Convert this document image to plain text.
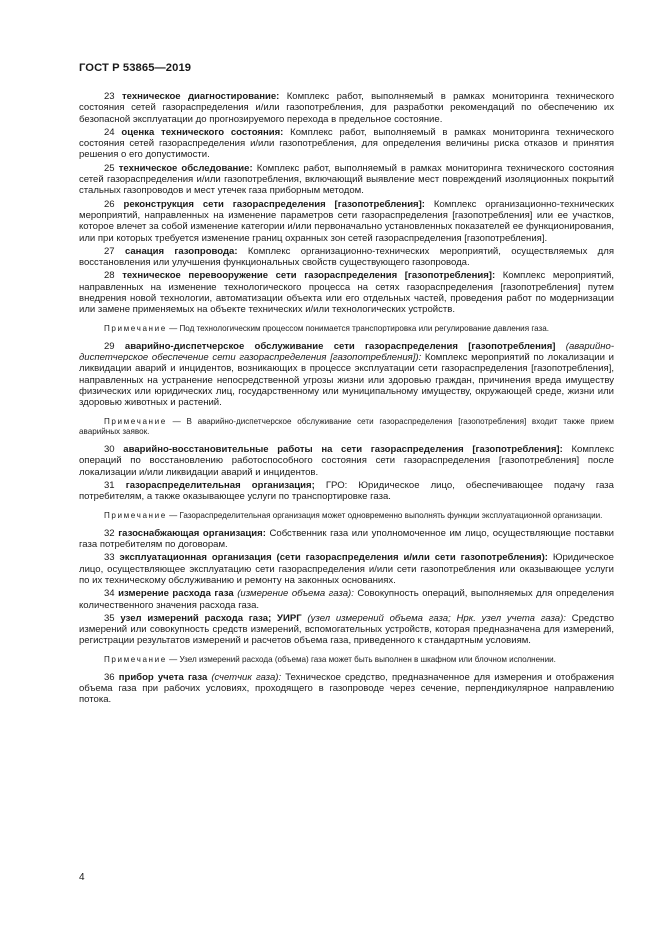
ГОСТ Р 53865—2019

23 техническое диагностирование: Комплекс работ, выполняемый в рамках мониторинга технического состояния сетей газораспределения и/или газопотребления, для разработки рекомендаций по обеспечению их безопасной эксплуатации до прогнозируемого перехода в предельное состояние.

24 оценка технического состояния: Комплекс работ, выполняемый в рамках мониторинга технического состояния сетей газораспределения и/или газопотребления, для определения величины риска отказов и принятия решения о его допустимости.

25 техническое обследование: Комплекс работ, выполняемый в рамках мониторинга технического состояния сетей газораспределения и/или газопотребления, включающий выявление мест повреждений изоляционных покрытий стальных газопроводов и мест утечек газа приборным методом.

26 реконструкция сети газораспределения [газопотребления]: Комплекс организационно-технических мероприятий, направленных на изменение параметров сети газораспределения [газопотребления] или ее участков, которое влечет за собой изменение категории и/или первоначально установленных показателей ее функционирования, или при которых требуется изменение границ охранных зон сетей газораспределения [газопотребления].

27 санация газопровода: Комплекс организационно-технических мероприятий, осуществляемых для восстановления или улучшения функциональных свойств существующего газопровода.

28 техническое перевооружение сети газораспределения [газопотребления]: Комплекс мероприятий, направленных на изменение технологического процесса на сетях газораспределения [газопотребления] путем внедрения новой технологии, автоматизации объекта или его отдельных частей, проведения работ по модернизации или замене применяемых на объекте технических и/или технологических устройств.

Примечание — Под технологическим процессом понимается транспортировка или регулирование давления газа.

29 аварийно-диспетчерское обслуживание сети газораспределения [газопотребления] (аварийно-диспетчерское обеспечение сети газораспределения [газопотребления]): Комплекс мероприятий по локализации и ликвидации аварий и инцидентов, возникающих в процессе эксплуатации сети газораспределения [газопотребления], направленных на устранение непосредственной угрозы жизни или здоровью граждан, причинения вреда имуществу физических или юридических лиц, государственному или муниципальному имуществу, окружающей среде, жизни или здоровью животных и растений.

Примечание — В аварийно-диспетчерское обслуживание сети газораспределения [газопотребления] входит также прием аварийных заявок.

30 аварийно-восстановительные работы на сети газораспределения [газопотребления]: Комплекс операций по восстановлению работоспособного состояния сети газораспределения [газопотребления] после локализации и/или ликвидации аварий и инцидентов.

31 газораспределительная организация; ГРО: Юридическое лицо, обеспечивающее подачу газа потребителям, а также оказывающее услуги по транспортировке газа.

Примечание — Газораспределительная организация может одновременно выполнять функции эксплуатационной организации.

32 газоснабжающая организация: Собственник газа или уполномоченное им лицо, осуществляющие поставки газа потребителям по договорам.

33 эксплуатационная организация (сети газораспределения и/или сети газопотребления): Юридическое лицо, осуществляющее эксплуатацию сети газораспределения и/или сети газопотребления или оказывающее услуги по их техническому обслуживанию и ремонту на законных основаниях.

34 измерение расхода газа (измерение объема газа): Совокупность операций, выполняемых для определения количественного значения расхода газа.

35 узел измерений расхода газа; УИРГ (узел измерений объема газа; Нрк. узел учета газа): Средство измерений или совокупность средств измерений, вспомогательных устройств, которая предназначена для измерений, регистрации результатов измерений и расчетов объема газа, приведенного к стандартным условиям.

Примечание — Узел измерений расхода (объема) газа может быть выполнен в шкафном или блочном исполнении.

36 прибор учета газа (счетчик газа): Техническое средство, предназначенное для измерения и отображения объема газа при рабочих условиях, проходящего в газопроводе через сечение, перпендикулярное направлению потока.

4
